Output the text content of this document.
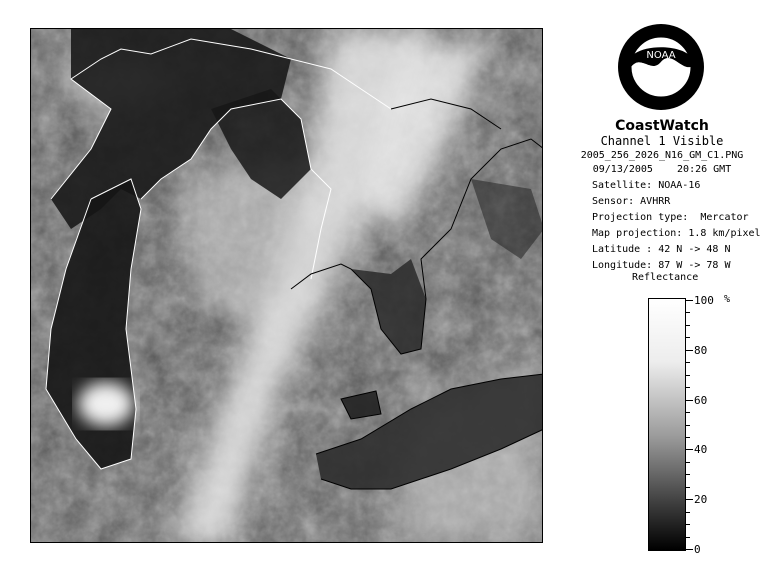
NOAA
CoastWatch
Channel 1 Visible
2005_256_2026_N16_GM_C1.PNG
09/13/2005    20:26 GMT
Satellite: NOAA-16
Sensor: AVHRR
Projection type:  Mercator
Map projection: 1.8 km/pixel
Latitude : 42 N -> 48 N
Longitude: 87 W -> 78 W
Reflectance
%
100
80
60
40
20
0
